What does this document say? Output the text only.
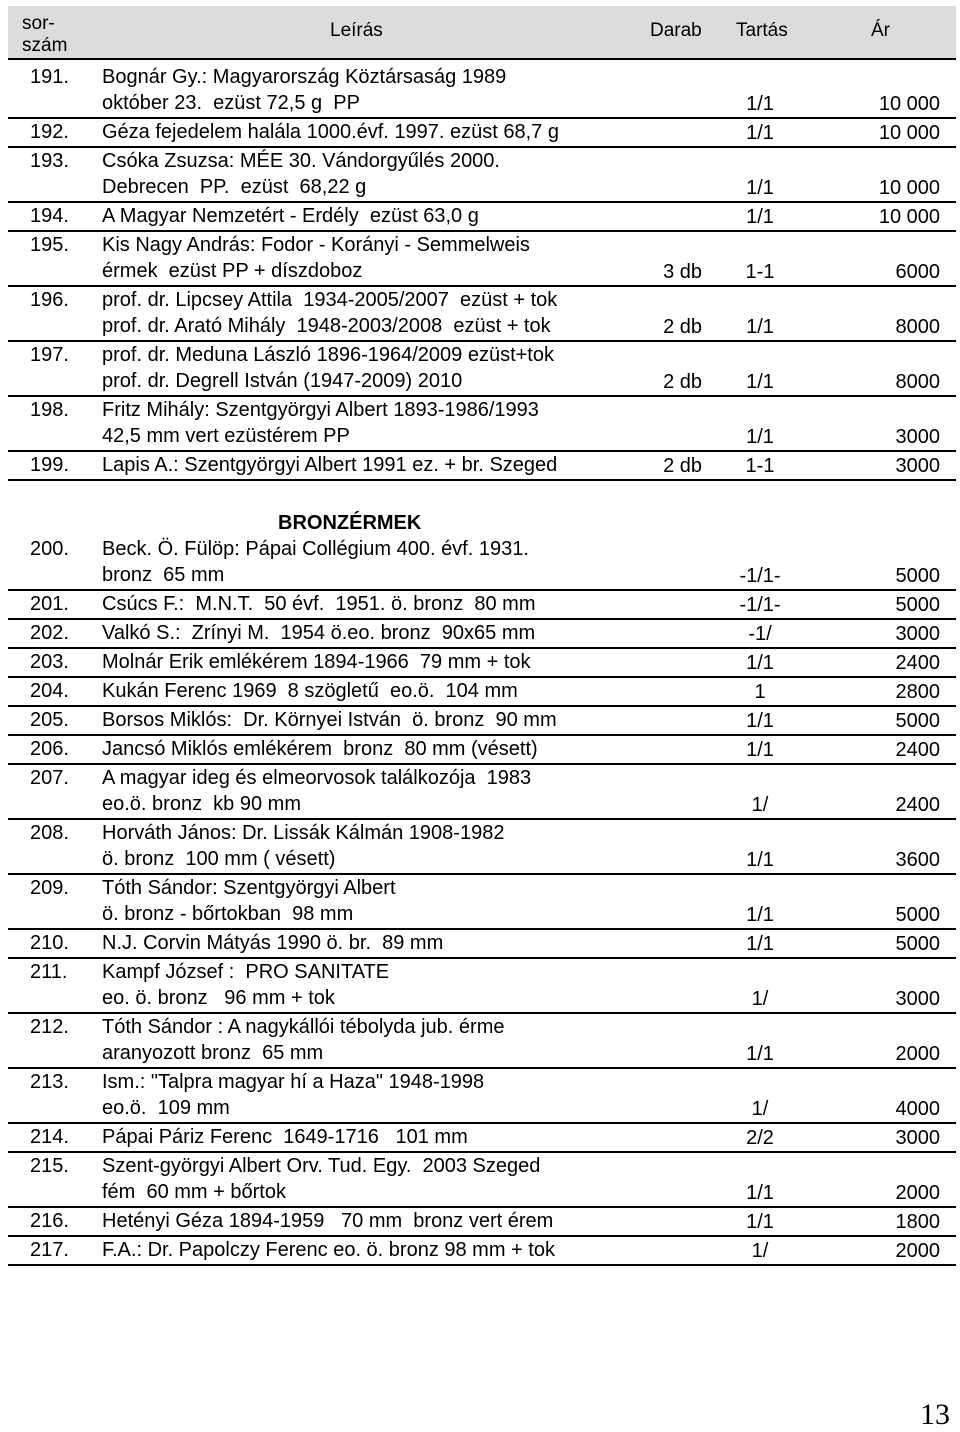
sor-
szám
Leírás	Darab Tartás	Ár
191. Bognár Gy.: Magyarország Köztársaság 1989
október 23.  ezüst 72,5 g  PP	1/1	10 000
192. Géza fejedelem halála 1000.évf. 1997. ezüst 68,7 g	1/1	10 000
193. Csóka Zsuzsa: MÉE 30. Vándorgyűlés 2000.
Debrecen  PP.  ezüst  68,22 g	1/1	10 000
194. A Magyar Nemzetért - Erdély  ezüst 63,0 g	1/1	10 000
195. Kis Nagy András: Fodor - Korányi - Semmelweis
érmek  ezüst PP + díszdoboz	3 db	1-1	6000
196. prof. dr. Lipcsey Attila  1934-2005/2007  ezüst + tok
prof. dr. Arató Mihály  1948-2003/2008  ezüst + tok	2 db	1/1	8000
197. prof. dr. Meduna László 1896-1964/2009 ezüst+tok
prof. dr. Degrell István (1947-2009) 2010	2 db	1/1	8000
198. Fritz Mihály: Szentgyörgyi Albert 1893-1986/1993
42,5 mm vert ezüstérem PP	1/1	3000
199. Lapis A.: Szentgyörgyi Albert 1991 ez. + br. Szeged	2 db	1-1	3000
BRONZÉRMEK
200. Beck. Ö. Fülöp: Pápai Collégium 400. évf. 1931.
bronz  65 mm	-1/1-	5000
201. Csúcs F.:  M.N.T.  50 évf.  1951. ö. bronz  80 mm	-1/1-	5000
202. Valkó S.:  Zrínyi M.  1954 ö.eo. bronz  90x65 mm	-1/	3000
203. Molnár Erik emlékérem 1894-1966  79 mm + tok	1/1	2400
204. Kukán Ferenc 1969  8 szögletű  eo.ö.  104 mm	1	2800
205. Borsos Miklós:  Dr. Környei István  ö. bronz  90 mm	1/1	5000
206. Jancsó Miklós emlékérem  bronz  80 mm (vésett)	1/1	2400
207. A magyar ideg és elmeorvosok találkozója  1983
eo.ö. bronz  kb 90 mm	1/	2400
208. Horváth János: Dr. Lissák Kálmán 1908-1982
ö. bronz  100 mm ( vésett)	1/1	3600
209. Tóth Sándor: Szentgyörgyi Albert
ö. bronz - bőrtokban  98 mm	1/1	5000
210. N.J. Corvin Mátyás 1990 ö. br.  89 mm	1/1	5000
211. Kampf József :  PRO SANITATE
eo. ö. bronz   96 mm + tok	1/	3000
212. Tóth Sándor : A nagykállói tébolyda jub. érme
aranyozott bronz  65 mm	1/1	2000
213. Ism.: "Talpra magyar hí a Haza" 1948-1998
eo.ö.  109 mm	1/	4000
214. Pápai Páriz Ferenc  1649-1716   101 mm	2/2	3000
215. Szent-györgyi Albert Orv. Tud. Egy.  2003 Szeged
fém  60 mm + bőrtok	1/1	2000
216. Hetényi Géza 1894-1959   70 mm  bronz vert érem	1/1	1800
217. F.A.: Dr. Papolczy Ferenc eo. ö. bronz 98 mm + tok	1/	2000
13
